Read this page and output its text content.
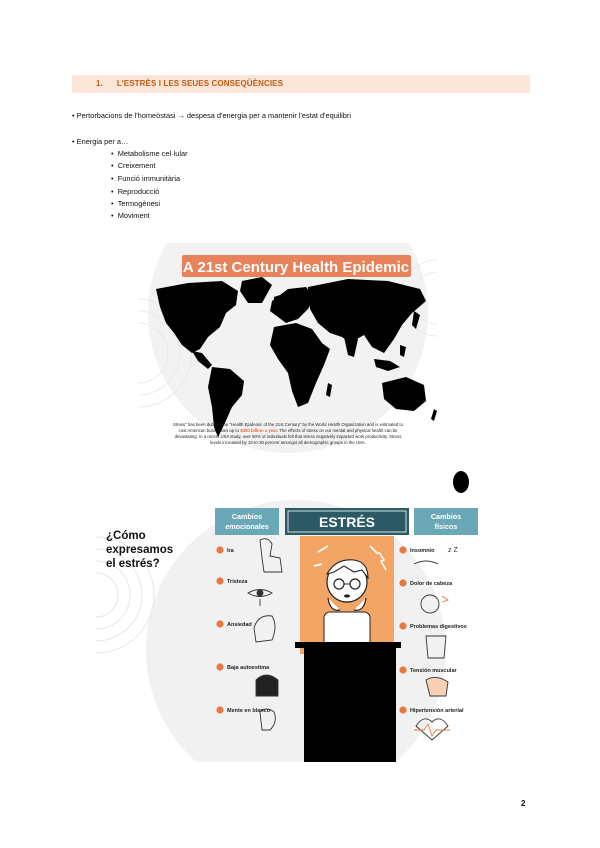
1. L'ESTRÈS I LES SEUES CONSEQÜÈNCIES
• Pertorbacions de l'homeòstasi → despesa d'energia per a mantenir l'estat d'equilibri
• Energia per a…
•  Metabolisme cel·lular
•  Creixement
•  Funció immunitària
•  Reproducció
•  Termogènesi
•  Moviment
A 21st Century Health Epidemic
Stress" has been dubbed the "Health Epidemic of the 21st Century" by the World Health Organization and is estimated to
cost American businesses up to $300 billion a year. The effects of stress on our mental and physical health can be
devastating. In a recent USA study, over 50% of individuals felt that stress negatively impacted work productivity. Stress
levels increased by 10-to-30 percent amongst all demographic groups in the USA.
¿Cómo
expresamos
el estrés?
Cambios
emocionales
Cambios
físicos
ESTRÉS
Ira
Tristeza
Ansiedad
Baja autoestima
Mente en blanco
Insomnio
Dolor de cabeza
Problemas digestivos
Tensión muscular
Hipertensión arterial
z Z
2
